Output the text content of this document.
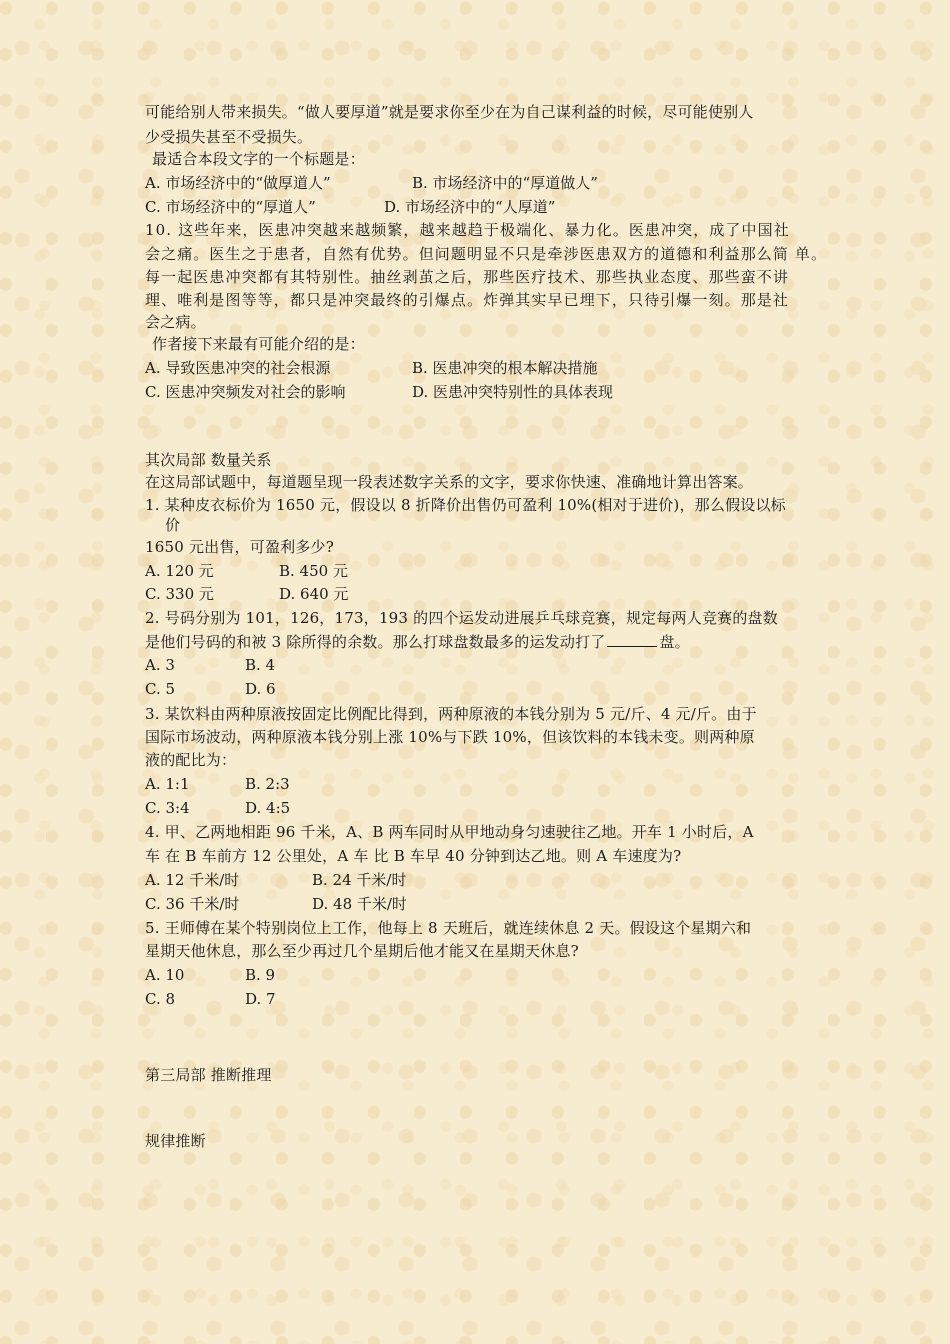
可能给别人带来损失。“做人要厚道”就是要求你至少在为自己谋利益的时候，尽可能使别人
少受损失甚至不受损失。
最适合本段文字的一个标题是：
A. 市场经济中的“做厚道人”	B. 市场经济中的“厚道做人”
C. 市场经济中的“厚道人”	D. 市场经济中的“人厚道”
10. 这些年来，医患冲突越来越频繁，越来越趋于极端化、暴力化。医患冲突，成了中国社
会之痛。医生之于患者，自然有优势。但问题明显不只是牵涉医患双方的道德和利益那么简 单。
每一起医患冲突都有其特别性。抽丝剥茧之后，那些医疗技术、那些执业态度、那些蛮不讲
理、唯利是图等等，都只是冲突最终的引爆点。炸弹其实早已埋下，只待引爆一刻。那是社
会之病。
作者接下来最有可能介绍的是：
A. 导致医患冲突的社会根源	B. 医患冲突的根本解决措施
C. 医患冲突频发对社会的影响	D. 医患冲突特别性的具体表现
其次局部 数量关系
在这局部试题中，每道题呈现一段表述数字关系的文字，要求你快速、准确地计算出答案。
1. 某种皮衣标价为 1650 元，假设以 8 折降价出售仍可盈利 10%(相对于进价)，那么假设以标
价
1650 元出售，可盈利多少?
A. 120 元	B. 450 元
C. 330 元	D. 640 元
2. 号码分别为 101，126，173，193 的四个运发动进展乒乓球竞赛，规定每两人竞赛的盘数
是他们号码的和被 3 除所得的余数。那么打球盘数最多的运发动打了	盘。
A. 3	B. 4
C. 5	D. 6
3. 某饮料由两种原液按固定比例配比得到，两种原液的本钱分别为 5 元/斤、4 元/斤。由于
国际市场波动，两种原液本钱分别上涨 10%与下跌 10%，但该饮料的本钱未变。则两种原
液的配比为：
A. 1:1	B. 2:3
C. 3:4	D. 4:5
4. 甲、乙两地相距 96 千米，A、B 两车同时从甲地动身匀速驶往乙地。开车 1 小时后，A
车 在 B 车前方 12 公里处，A 车 比 B 车早 40 分钟到达乙地。则 A 车速度为?
A. 12 千米/时	B. 24 千米/时
C. 36 千米/时	D. 48 千米/时
5. 王师傅在某个特别岗位上工作，他每上 8 天班后，就连续休息 2 天。假设这个星期六和
星期天他休息，那么至少再过几个星期后他才能又在星期天休息?
A. 10	B. 9
C. 8	D. 7
第三局部 推断推理
规律推断
